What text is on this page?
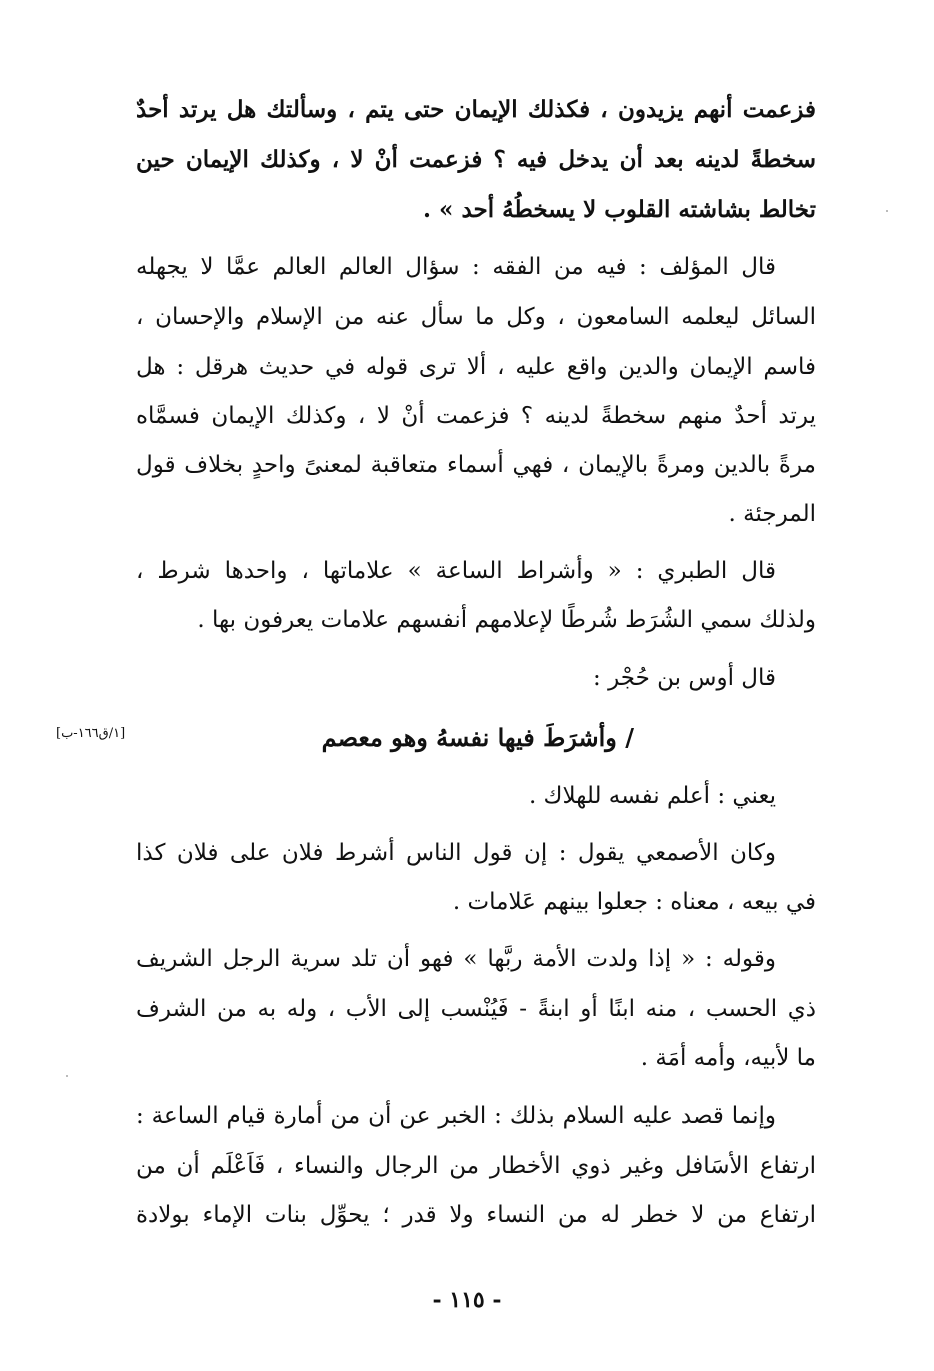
فزعمت أنهم يزيدون ، فكذلك الإيمان حتى يتم ، وسألتك هل يرتد أحدٌ
سخطةً لدينه بعد أن يدخل فيه ؟ فزعمت أنْ لا ، وكذلك الإيمان حين
تخالط بشاشته القلوب لا يسخطُهُ أحد » .
قال المؤلف : فيه من الفقه : سؤال العالم العالم عمَّا لا يجهله
السائل ليعلمه السامعون ، وكل ما سأل عنه من الإسلام والإحسان ،
فاسم الإيمان والدين واقع عليه ، ألا ترى قوله في حديث هرقل : هل
يرتد أحدٌ منهم سخطةً لدينه ؟ فزعمت أنْ لا ، وكذلك الإيمان فسمَّاه
مرةً بالدين ومرةً بالإيمان ، فهي أسماء متعاقبة لمعنىً واحدٍ بخلاف قول
المرجئة .
قال الطبري : « وأشراط الساعة » علاماتها ، واحدها شرط ،
ولذلك سمي الشُرَط شُرطًا لإعلامهم أنفسهم علامات يعرفون بها .
قال أوس بن حُجْر :
/ وأشرَطَ فيها نفسهُ وهو معصم
[١/ق١٦٦-ب]
يعني : أعلم نفسه للهلاك .
وكان الأصمعي يقول : إن قول الناس أشرط فلان على فلان كذا
في بيعه ، معناه : جعلوا بينهم عَلامات .
وقوله : « إذا ولدت الأمة ربَّها » فهو أن تلد سرية الرجل الشريف
ذي الحسب ، منه ابنًا أو ابنةً - فَيُنْسب إلى الأب ، وله به من الشرف
ما لأبيه، وأمه أمَة .
وإنما قصد عليه السلام بذلك : الخبر عن أن من أمارة قيام الساعة :
ارتفاع الأسَافل وغير ذوي الأخطار من الرجال والنساء ، فَاَعْلَم أن من
ارتفاع من لا خطر له من النساء ولا قدر ؛ يحوِّل بنات الإماء بولادة
- ١١٥ -
